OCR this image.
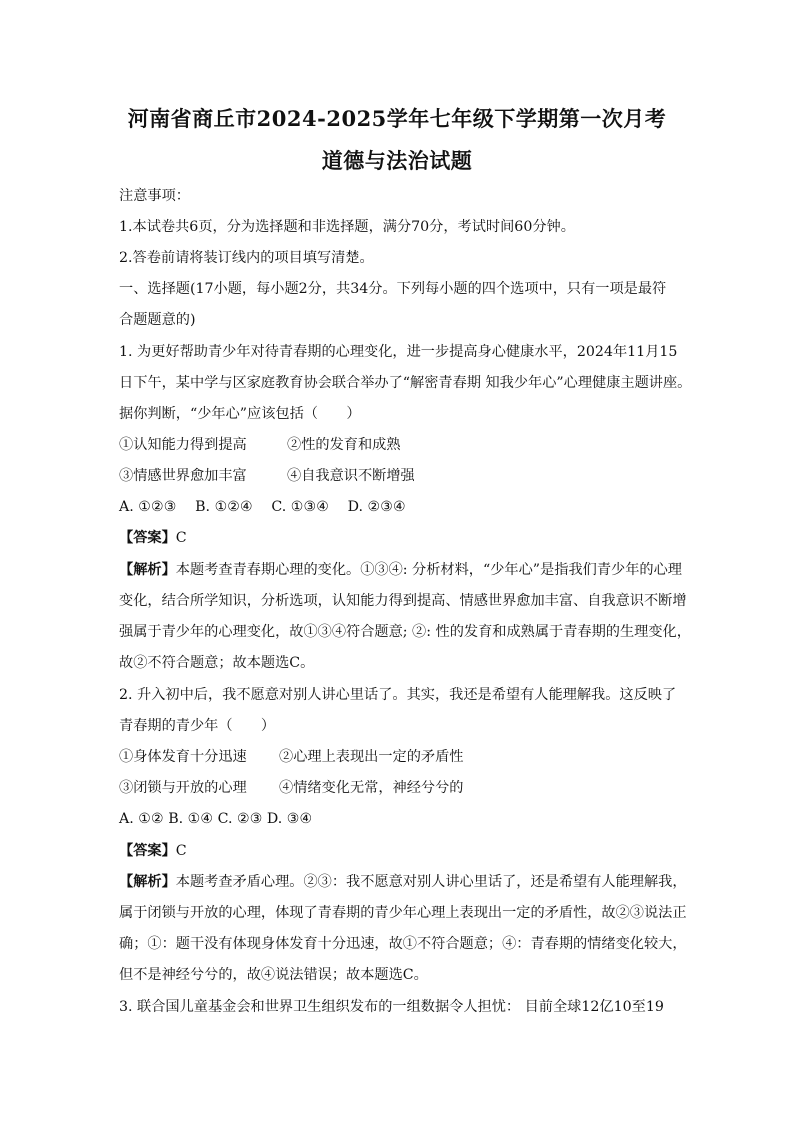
河南省商丘市2024-2025学年七年级下学期第一次月考
道德与法治试题
注意事项：
1.本试卷共6页，分为选择题和非选择题，满分70分，考试时间60分钟。
2.答卷前请将装订线内的项目填写清楚。
一、选择题(17小题，每小题2分，共34分。下列每小题的四个选项中，只有一项是最符
合题题意的)
1. 为更好帮助青少年对待青春期的心理变化，进一步提高身心健康水平，2024年11月15
日下午，某中学与区家庭教育协会联合举办了“解密青春期 知我少年心”心理健康主题讲座。
据你判断，“少年心”应该包括（　　）
①认知能力得到提高	②性的发育和成熟
③情感世界愈加丰富	④自我意识不断增强
A. ①②③　 B. ①②④　 C. ①③④　 D. ②③④
【答案】C
【解析】本题考查青春期心理的变化。①③④: 分析材料，“少年心”是指我们青少年的心理
变化，结合所学知识，分析选项，认知能力得到提高、情感世界愈加丰富、自我意识不断增
强属于青少年的心理变化，故①③④符合题意; ②: 性的发育和成熟属于青春期的生理变化，
故②不符合题意；故本题选C。
2. 升入初中后，我不愿意对别人讲心里话了。其实，我还是希望有人能理解我。这反映了
青春期的青少年（　　）
①身体发育十分迅速 ②心理上表现出一定的矛盾性
③闭锁与开放的心理 ④情绪变化无常，神经兮兮的
A. ①② B. ①④ C. ②③ D. ③④
【答案】C
【解析】本题考查矛盾心理。②③：我不愿意对别人讲心里话了，还是希望有人能理解我，
属于闭锁与开放的心理，体现了青春期的青少年心理上表现出一定的矛盾性，故②③说法正
确；①：题干没有体现身体发育十分迅速，故①不符合题意；④：青春期的情绪变化较大，
但不是神经兮兮的，故④说法错误；故本题选C。
3. 联合国儿童基金会和世界卫生组织发布的一组数据令人担忧： 目前全球12亿10至19
